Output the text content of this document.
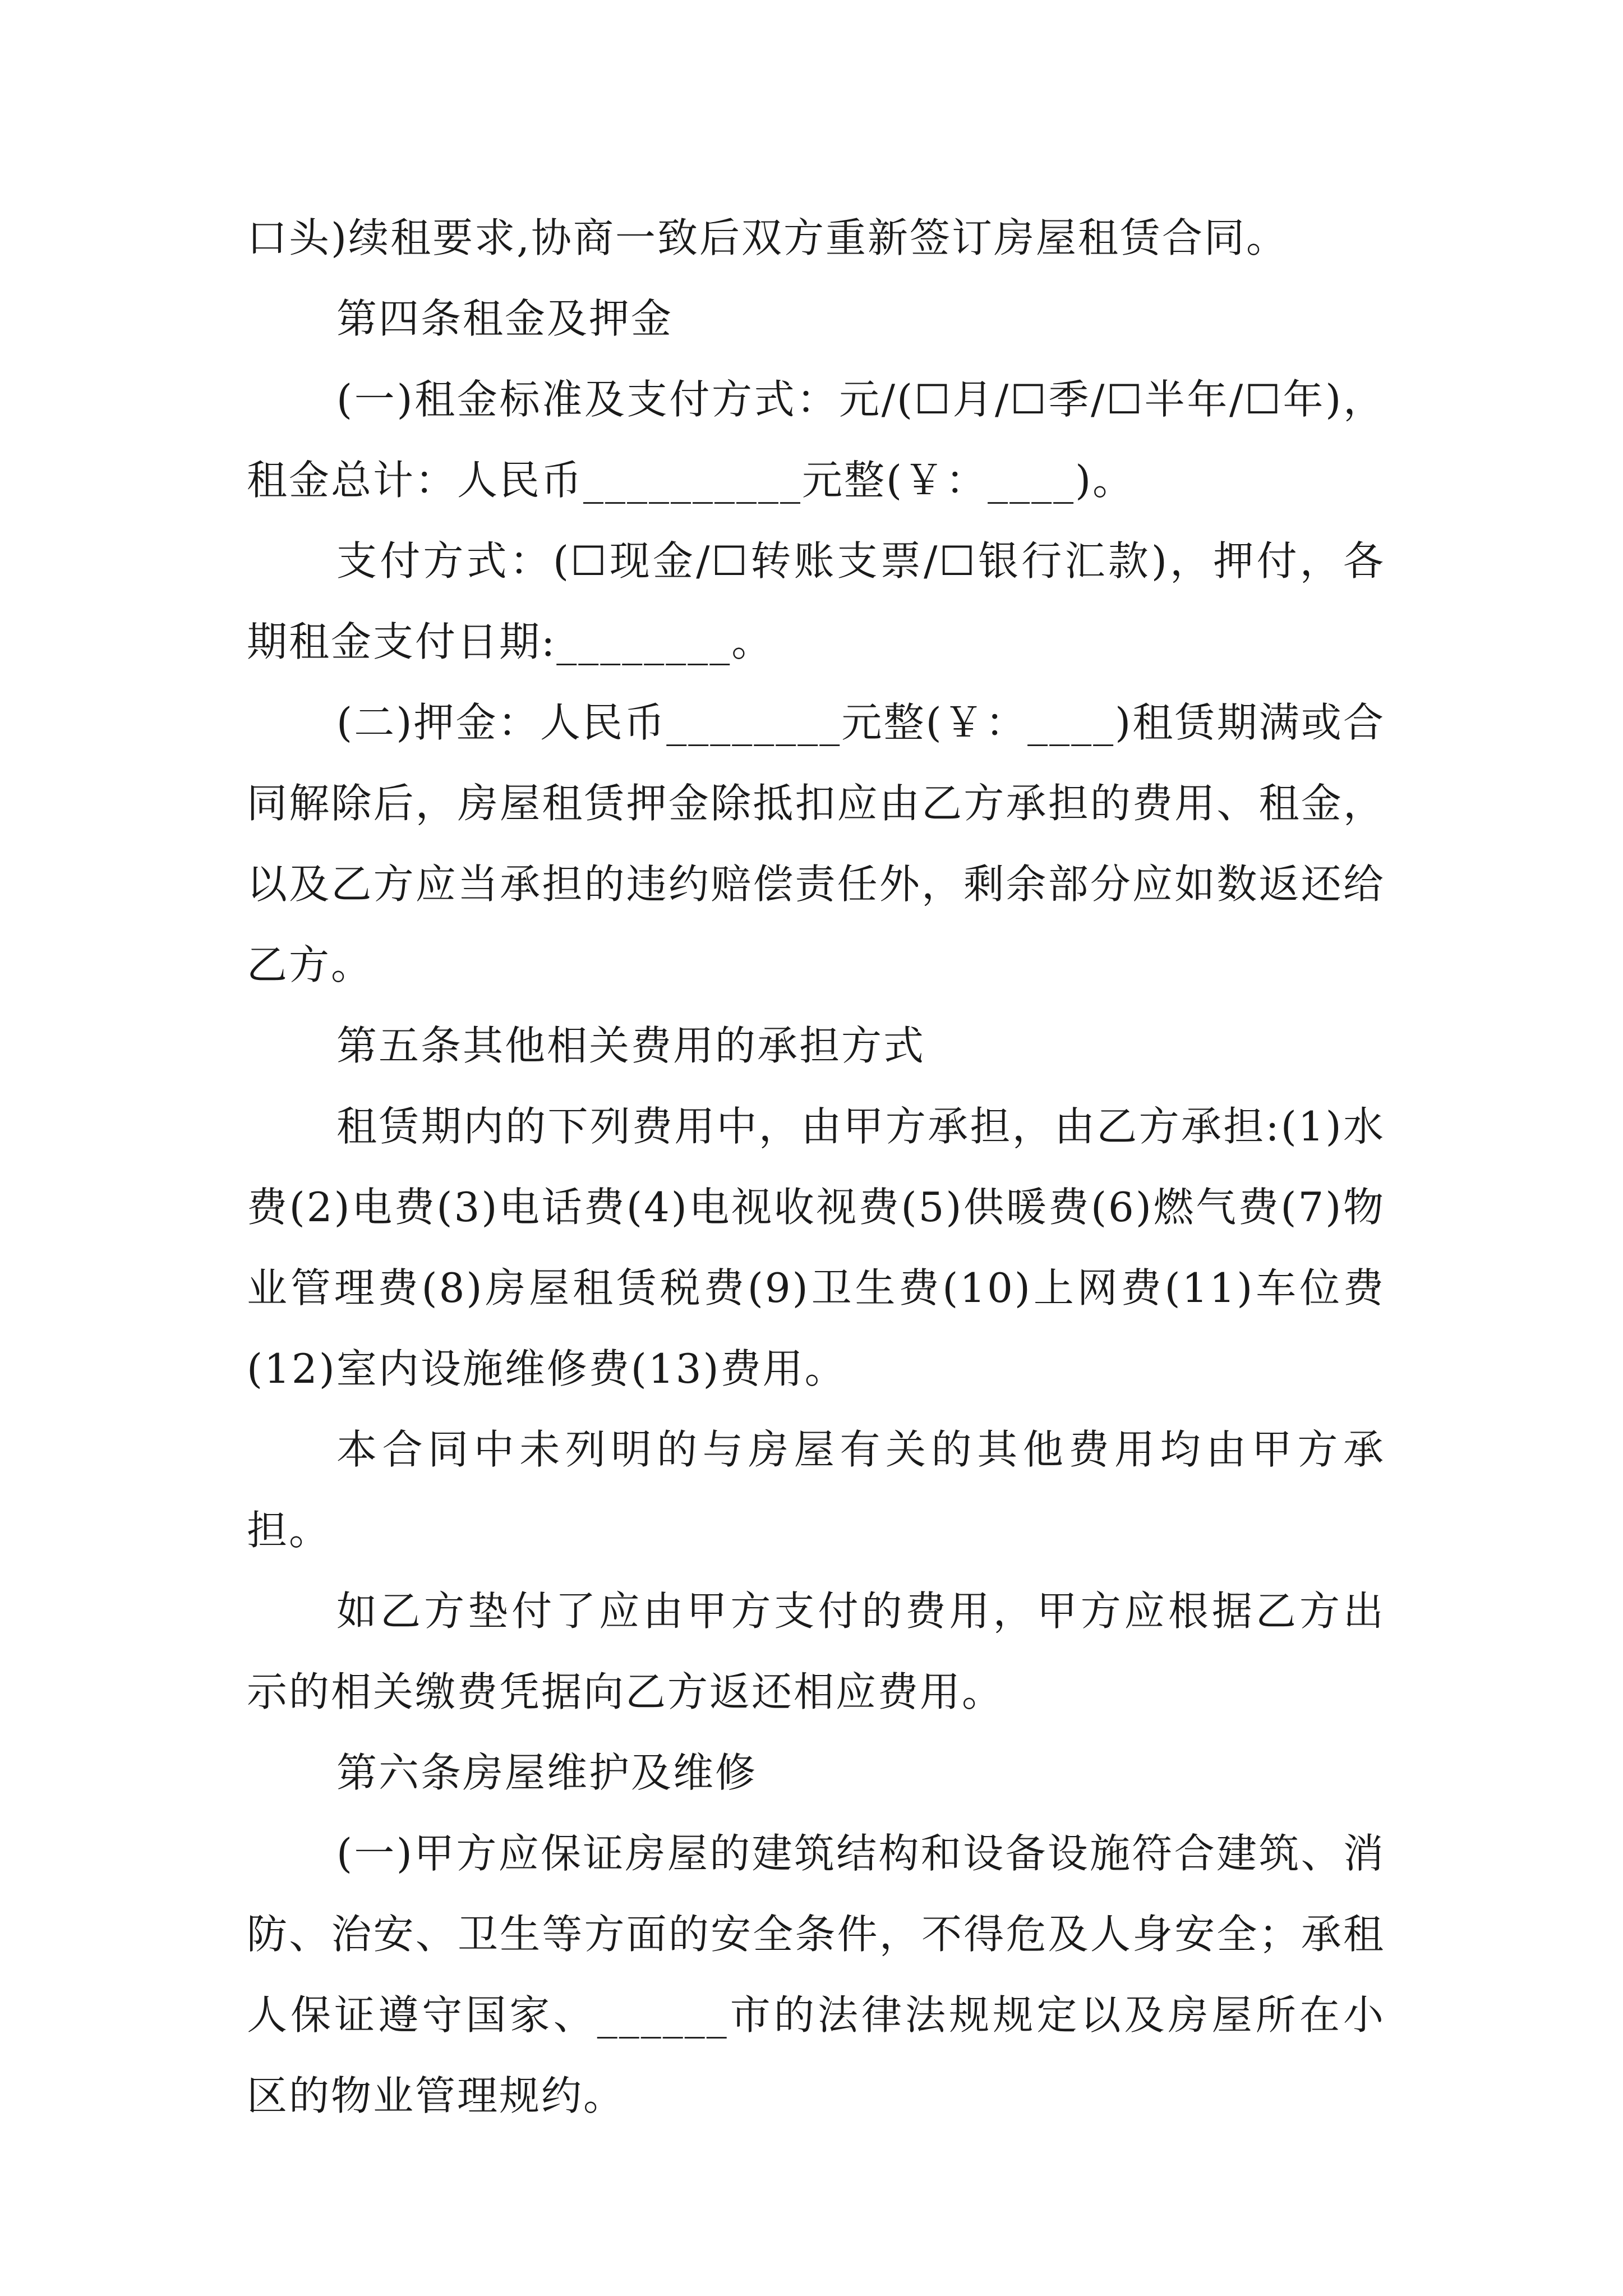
口头)续租要求,协商一致后双方重新签订房屋租赁合同。

第四条租金及押金

(一)租金标准及支付方式：元/(☐月/☐季/☐半年/☐年)，租金总计：人民币__________元整(￥：____)。

支付方式：(☐现金/☐转账支票/☐银行汇款)，押付，各期租金支付日期:________。

(二)押金：人民币________元整(￥：____)租赁期满或合同解除后，房屋租赁押金除抵扣应由乙方承担的费用、租金，以及乙方应当承担的违约赔偿责任外，剩余部分应如数返还给乙方。

第五条其他相关费用的承担方式

租赁期内的下列费用中，由甲方承担，由乙方承担:(1)水费(2)电费(3)电话费(4)电视收视费(5)供暖费(6)燃气费(7)物业管理费(8)房屋租赁税费(9)卫生费(10)上网费(11)车位费(12)室内设施维修费(13)费用。

本合同中未列明的与房屋有关的其他费用均由甲方承担。

如乙方垫付了应由甲方支付的费用，甲方应根据乙方出示的相关缴费凭据向乙方返还相应费用。

第六条房屋维护及维修

(一)甲方应保证房屋的建筑结构和设备设施符合建筑、消防、治安、卫生等方面的安全条件，不得危及人身安全；承租人保证遵守国家、______市的法律法规规定以及房屋所在小区的物业管理规约。
